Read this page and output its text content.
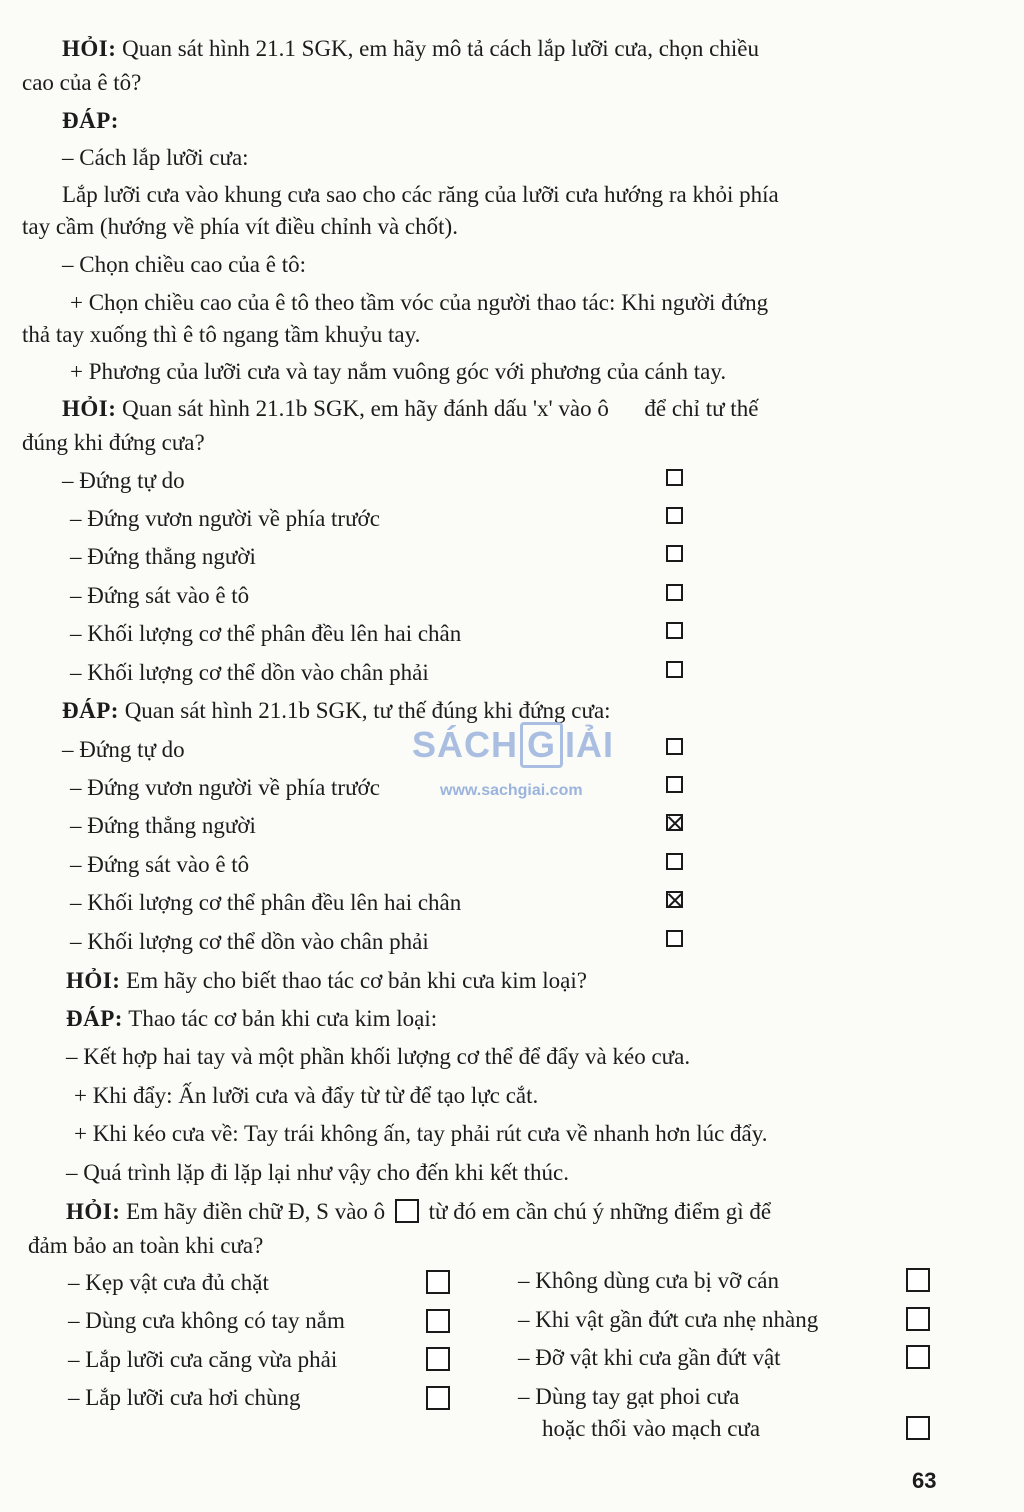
HỎI: Quan sát hình 21.1 SGK, em hãy mô tả cách lắp lưỡi cưa, chọn chiều
cao của ê tô?
ĐÁP:
– Cách lắp lưỡi cưa:
Lắp lưỡi cưa vào khung cưa sao cho các răng của lưỡi cưa hướng ra khỏi phía
tay cầm (hướng về phía vít điều chỉnh và chốt).
– Chọn chiều cao của ê tô:
+ Chọn chiều cao của ê tô theo tầm vóc của người thao tác: Khi người đứng
thả tay xuống thì ê tô ngang tầm khuỷu tay.
+ Phương của lưỡi cưa và tay nắm vuông góc với phương của cánh tay.
HỎI: Quan sát hình 21.1b SGK, em hãy đánh dấu 'x' vào ô để chỉ tư thế
đúng khi đứng cưa?
– Đứng tự do
– Đứng vươn người về phía trước
– Đứng thẳng người
– Đứng sát vào ê tô
– Khối lượng cơ thể phân đều lên hai chân
– Khối lượng cơ thể dồn vào chân phải
ĐÁP: Quan sát hình 21.1b SGK, tư thế đúng khi đứng cưa:
– Đứng tự do
– Đứng vươn người về phía trước
– Đứng thẳng người
– Đứng sát vào ê tô
– Khối lượng cơ thể phân đều lên hai chân
– Khối lượng cơ thể dồn vào chân phải
HỎI: Em hãy cho biết thao tác cơ bản khi cưa kim loại?
ĐÁP: Thao tác cơ bản khi cưa kim loại:
– Kết hợp hai tay và một phần khối lượng cơ thể để đẩy và kéo cưa.
+ Khi đẩy: Ấn lưỡi cưa và đẩy từ từ để tạo lực cắt.
+ Khi kéo cưa về: Tay trái không ấn, tay phải rút cưa về nhanh hơn lúc đẩy.
– Quá trình lặp đi lặp lại như vậy cho đến khi kết thúc.
HỎI: Em hãy điền chữ Đ, S vào ô từ đó em cần chú ý những điểm gì để
đảm bảo an toàn khi cưa?
– Kẹp vật cưa đủ chặt
– Dùng cưa không có tay nắm
– Lắp lưỡi cưa căng vừa phải
– Lắp lưỡi cưa hơi chùng
– Không dùng cưa bị vỡ cán
– Khi vật gần đứt cưa nhẹ nhàng
– Đỡ vật khi cưa gần đứt vật
– Dùng tay gạt phoi cưa
hoặc thổi vào mạch cưa
SÁCH G IẢI
www.sachgiai.com
63
